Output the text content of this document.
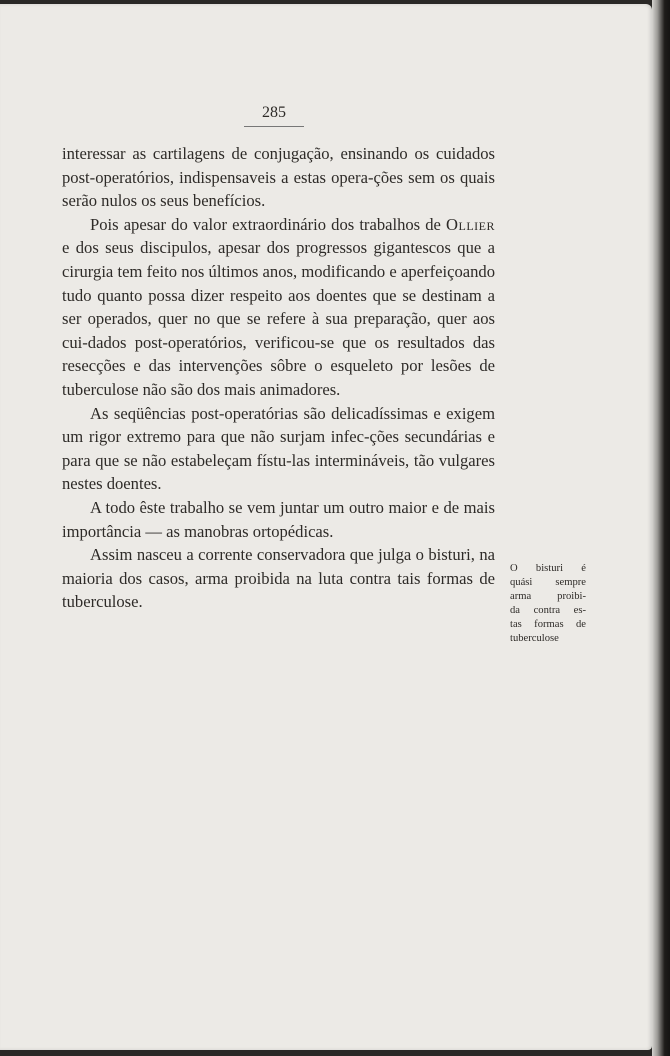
285

interessar as cartilagens de conjugação, ensinando os cuidados post-operatórios, indispensaveis a estas opera-ções sem os quais serão nulos os seus benefícios.

Pois apesar do valor extraordinário dos trabalhos de Ollier e dos seus discipulos, apesar dos progressos gigantescos que a cirurgia tem feito nos últimos anos, modificando e aperfeiçoando tudo quanto possa dizer respeito aos doentes que se destinam a ser operados, quer no que se refere à sua preparação, quer aos cui-dados post-operatórios, verificou-se que os resultados das resecções e das intervenções sôbre o esqueleto por lesões de tuberculose não são dos mais animadores.

As seqüências post-operatórias são delicadíssimas e exigem um rigor extremo para que não surjam infec-ções secundárias e para que se não estabeleçam fístu-las intermináveis, tão vulgares nestes doentes.

A todo êste trabalho se vem juntar um outro maior e de mais importância — as manobras ortopédicas.

Assim nasceu a corrente conservadora que julga o bisturi, na maioria dos casos, arma proibida na luta contra tais formas de tuberculose.

O bisturi é
quási sempre
arma proibi-
da contra es-
tas formas de
tuberculose
